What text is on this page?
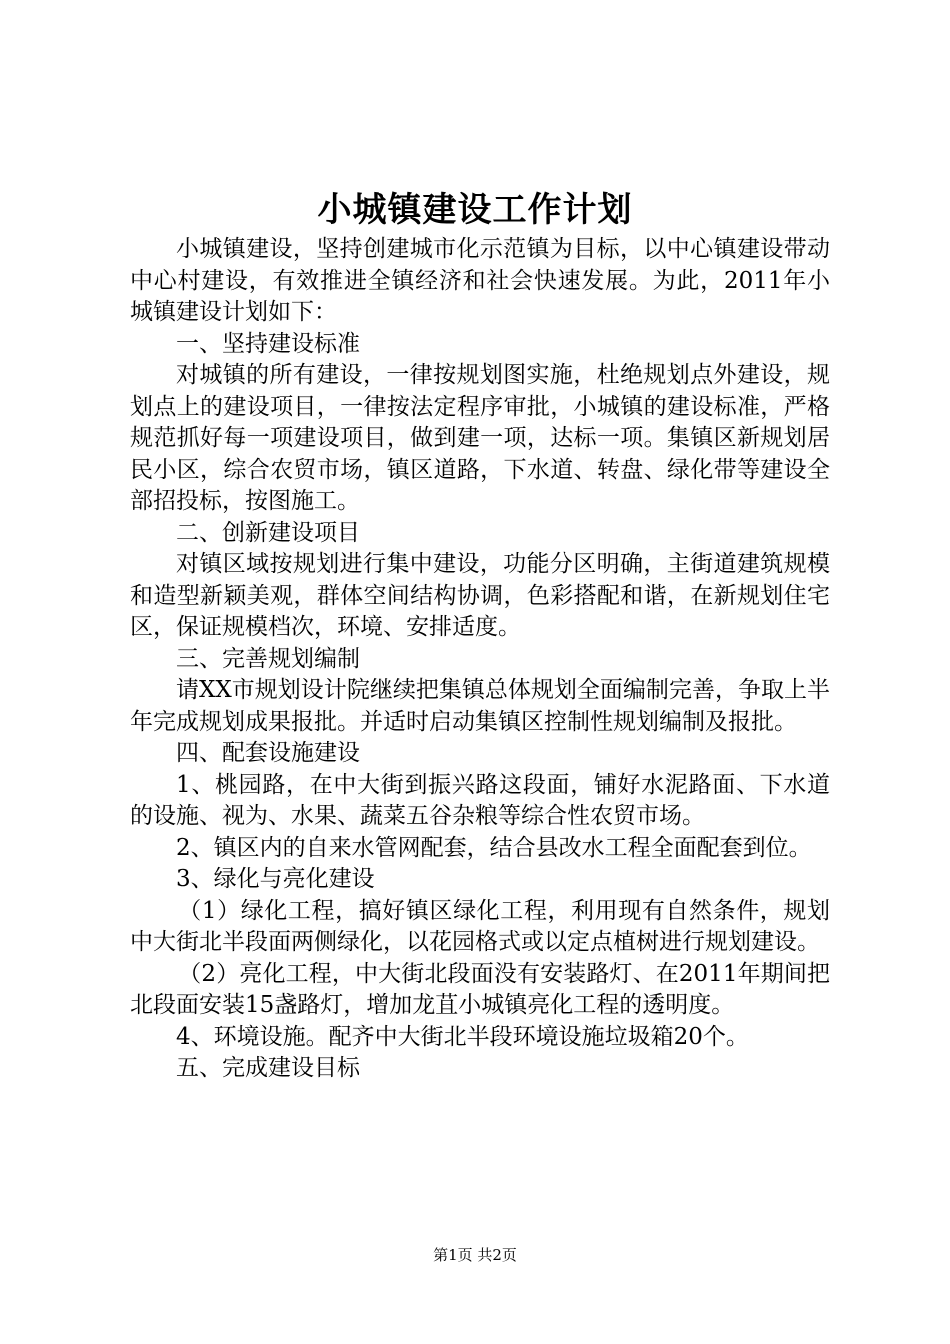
小城镇建设工作计划

小城镇建设，坚持创建城市化示范镇为目标，以中心镇建设带动中心村建设，有效推进全镇经济和社会快速发展。为此，2011年小城镇建设计划如下：

一、坚持建设标准

对城镇的所有建设，一律按规划图实施，杜绝规划点外建设，规划点上的建设项目，一律按法定程序审批，小城镇的建设标准，严格规范抓好每一项建设项目，做到建一项，达标一项。集镇区新规划居民小区，综合农贸市场，镇区道路，下水道、转盘、绿化带等建设全部招投标，按图施工。

二、创新建设项目

对镇区域按规划进行集中建设，功能分区明确，主街道建筑规模和造型新颖美观，群体空间结构协调，色彩搭配和谐，在新规划住宅区，保证规模档次，环境、安排适度。

三、完善规划编制

请XX市规划设计院继续把集镇总体规划全面编制完善，争取上半年完成规划成果报批。并适时启动集镇区控制性规划编制及报批。

四、配套设施建设

1、桃园路，在中大街到振兴路这段面，铺好水泥路面、下水道的设施、视为、水果、蔬菜五谷杂粮等综合性农贸市场。

2、镇区内的自来水管网配套，结合县改水工程全面配套到位。

3、绿化与亮化建设

（1）绿化工程，搞好镇区绿化工程，利用现有自然条件，规划中大街北半段面两侧绿化，以花园格式或以定点植树进行规划建设。

（2）亮化工程，中大街北段面没有安装路灯、在2011年期间把北段面安装15盏路灯，增加龙苴小城镇亮化工程的透明度。

4、环境设施。配齐中大街北半段环境设施垃圾箱20个。

五、完成建设目标

第1页 共2页
